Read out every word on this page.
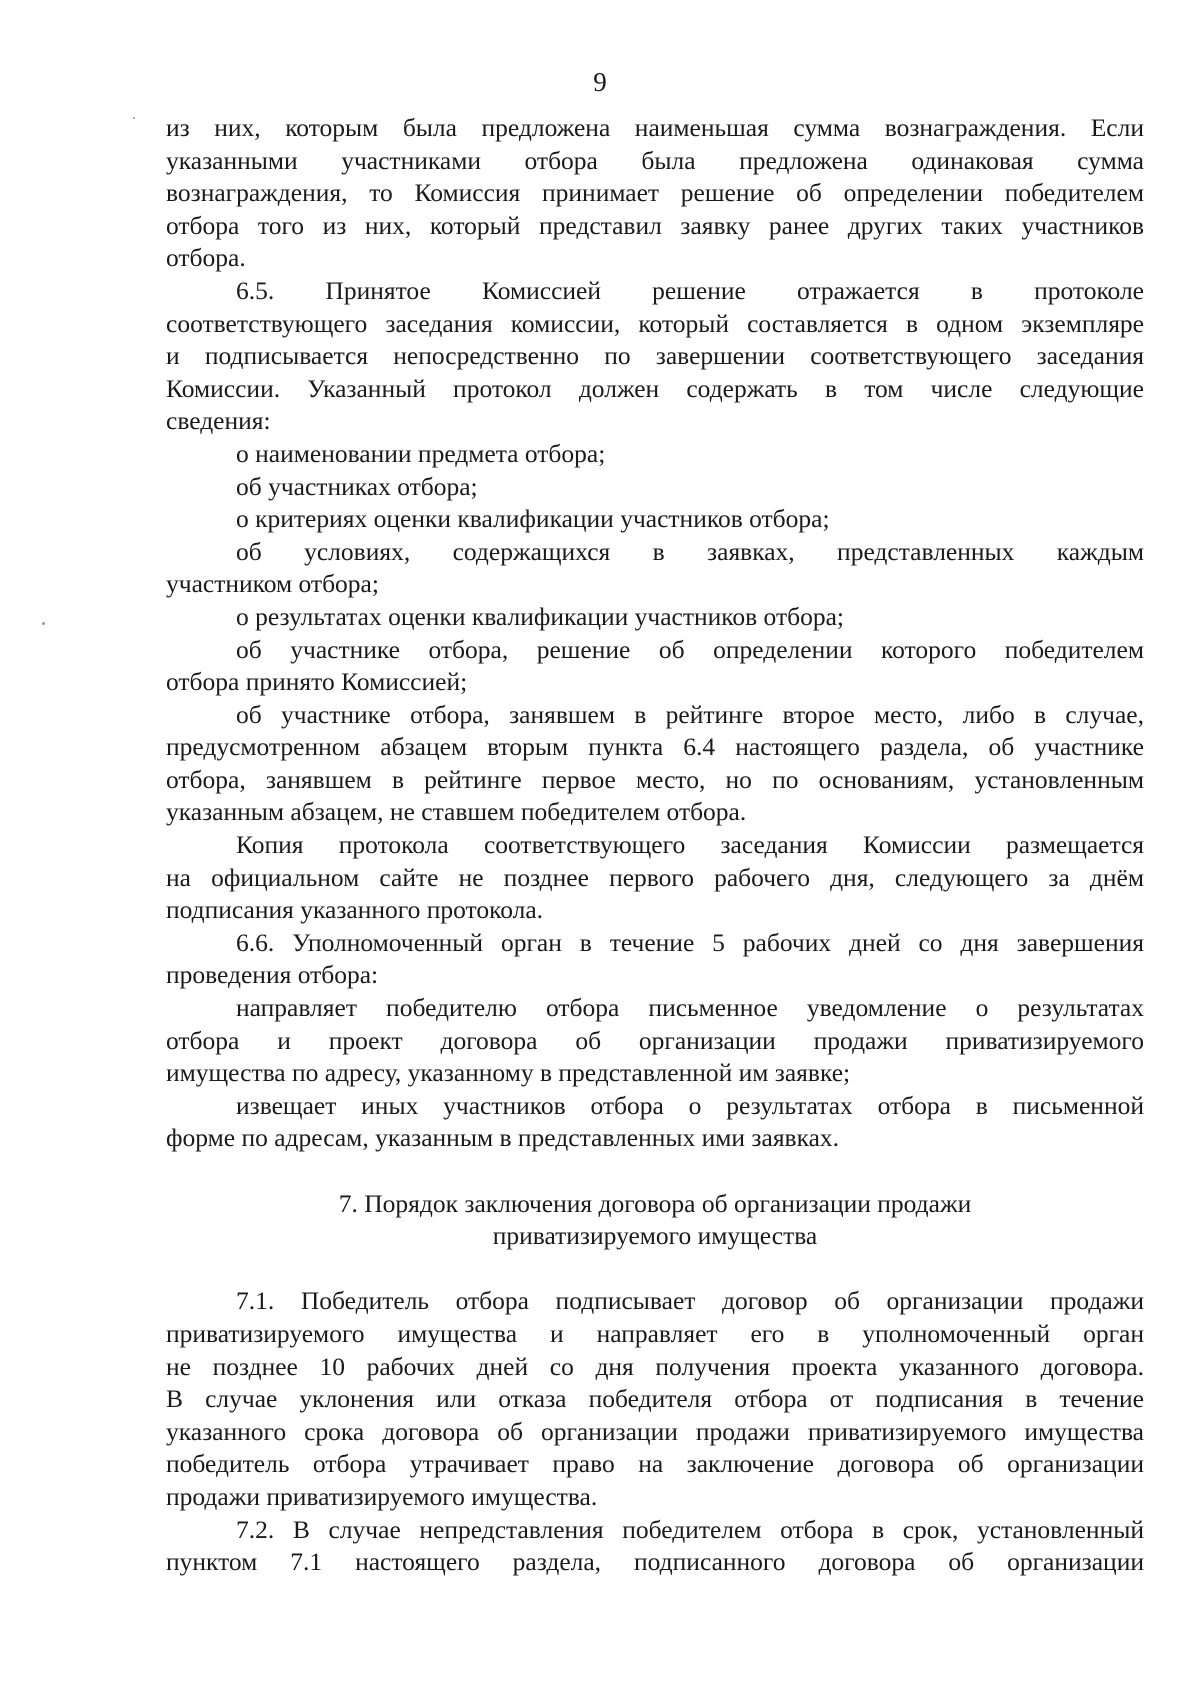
9
из них, которым была предложена наименьшая сумма вознаграждения. Если
указанными участниками отбора была предложена одинаковая сумма
вознаграждения, то Комиссия принимает решение об определении победителем
отбора того из них, который представил заявку ранее других таких участников
отбора.
6.5. Принятое Комиссией решение отражается в протоколе
соответствующего заседания комиссии, который составляется в одном экземпляре
и подписывается непосредственно по завершении соответствующего заседания
Комиссии. Указанный протокол должен содержать в том числе следующие
сведения:
о наименовании предмета отбора;
об участниках отбора;
о критериях оценки квалификации участников отбора;
об условиях, содержащихся в заявках, представленных каждым
участником отбора;
о результатах оценки квалификации участников отбора;
об участнике отбора, решение об определении которого победителем
отбора принято Комиссией;
об участнике отбора, занявшем в рейтинге второе место, либо в случае,
предусмотренном абзацем вторым пункта 6.4 настоящего раздела, об участнике
отбора, занявшем в рейтинге первое место, но по основаниям, установленным
указанным абзацем, не ставшем победителем отбора.
Копия протокола соответствующего заседания Комиссии размещается
на официальном сайте не позднее первого рабочего дня, следующего за днём
подписания указанного протокола.
6.6. Уполномоченный орган в течение 5 рабочих дней со дня завершения
проведения отбора:
направляет победителю отбора письменное уведомление о результатах
отбора и проект договора об организации продажи приватизируемого
имущества по адресу, указанному в представленной им заявке;
извещает иных участников отбора о результатах отбора в письменной
форме по адресам, указанным в представленных ими заявках.
7. Порядок заключения договора об организации продажи
приватизируемого имущества
7.1. Победитель отбора подписывает договор об организации продажи
приватизируемого имущества и направляет его в уполномоченный орган
не позднее 10 рабочих дней со дня получения проекта указанного договора.
В случае уклонения или отказа победителя отбора от подписания в течение
указанного срока договора об организации продажи приватизируемого имущества
победитель отбора утрачивает право на заключение договора об организации
продажи приватизируемого имущества.
7.2. В случае непредставления победителем отбора в срок, установленный
пунктом 7.1 настоящего раздела, подписанного договора об организации
